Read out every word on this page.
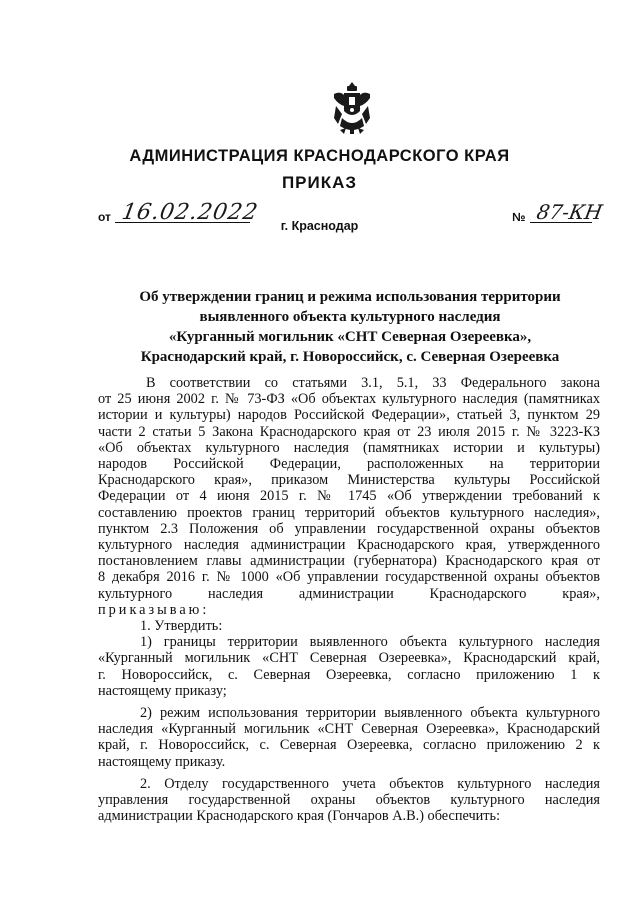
АДМИНИСТРАЦИЯ КРАСНОДАРСКОГО КРАЯ
ПРИКАЗ
от 16.02.2022
г. Краснодар
№ 87-КН
Об утверждении границ и режима использования территории
выявленного объекта культурного наследия
«Курганный могильник «СНТ Северная Озереевка»,
Краснодарский край, г. Новороссийск, с. Северная Озереевка
В соответствии со статьями 3.1, 5.1, 33 Федерального закона
от 25 июня 2002 г. № 73-ФЗ «Об объектах культурного наследия (памятниках
истории и культуры) народов Российской Федерации», статьей 3, пунктом 29
части 2 статьи 5 Закона Краснодарского края от 23 июля 2015 г. № 3223-КЗ
«Об объектах культурного наследия (памятниках истории и культуры)
народов Российской Федерации, расположенных на территории
Краснодарского края», приказом Министерства культуры Российской
Федерации от 4 июня 2015 г. № 1745 «Об утверждении требований к
составлению проектов границ территорий объектов культурного наследия»,
пунктом 2.3 Положения об управлении государственной охраны объектов
культурного наследия администрации Краснодарского края, утвержденного
постановлением главы администрации (губернатора) Краснодарского края от
8 декабря 2016 г. № 1000 «Об управлении государственной охраны объектов
культурного наследия администрации Краснодарского края»,
приказываю:
1. Утвердить:
1) границы территории выявленного объекта культурного наследия
«Курганный могильник «СНТ Северная Озереевка», Краснодарский край,
г. Новороссийск, с. Северная Озереевка, согласно приложению 1 к
настоящему приказу;
2) режим использования территории выявленного объекта культурного
наследия «Курганный могильник «СНТ Северная Озереевка», Краснодарский
край, г. Новороссийск, с. Северная Озереевка, согласно приложению 2 к
настоящему приказу.
2. Отделу государственного учета объектов культурного наследия
управления государственной охраны объектов культурного наследия
администрации Краснодарского края (Гончаров А.В.) обеспечить:
